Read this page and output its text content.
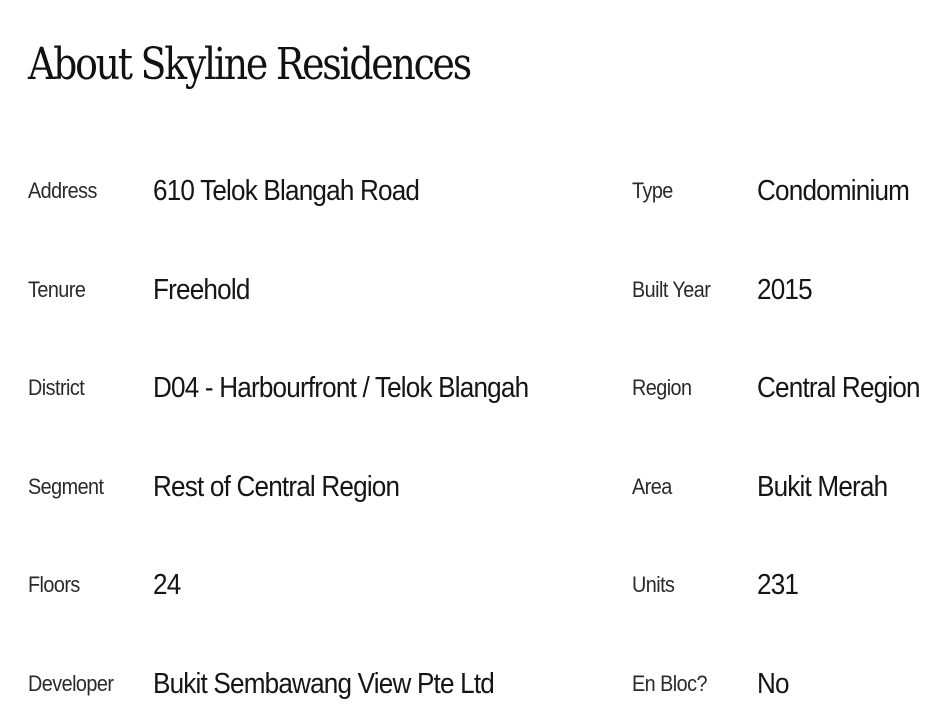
About Skyline Residences
Address 610 Telok Blangah Road	Type	Condominium
Tenure Freehold	Built Year 2015
District D04 - Harbourfront / Telok Blangah	Region Central Region
Segment Rest of Central Region	Area	Bukit Merah
Floors	24	Units	231
Developer Bukit Sembawang View Pte Ltd	En Bloc? No
